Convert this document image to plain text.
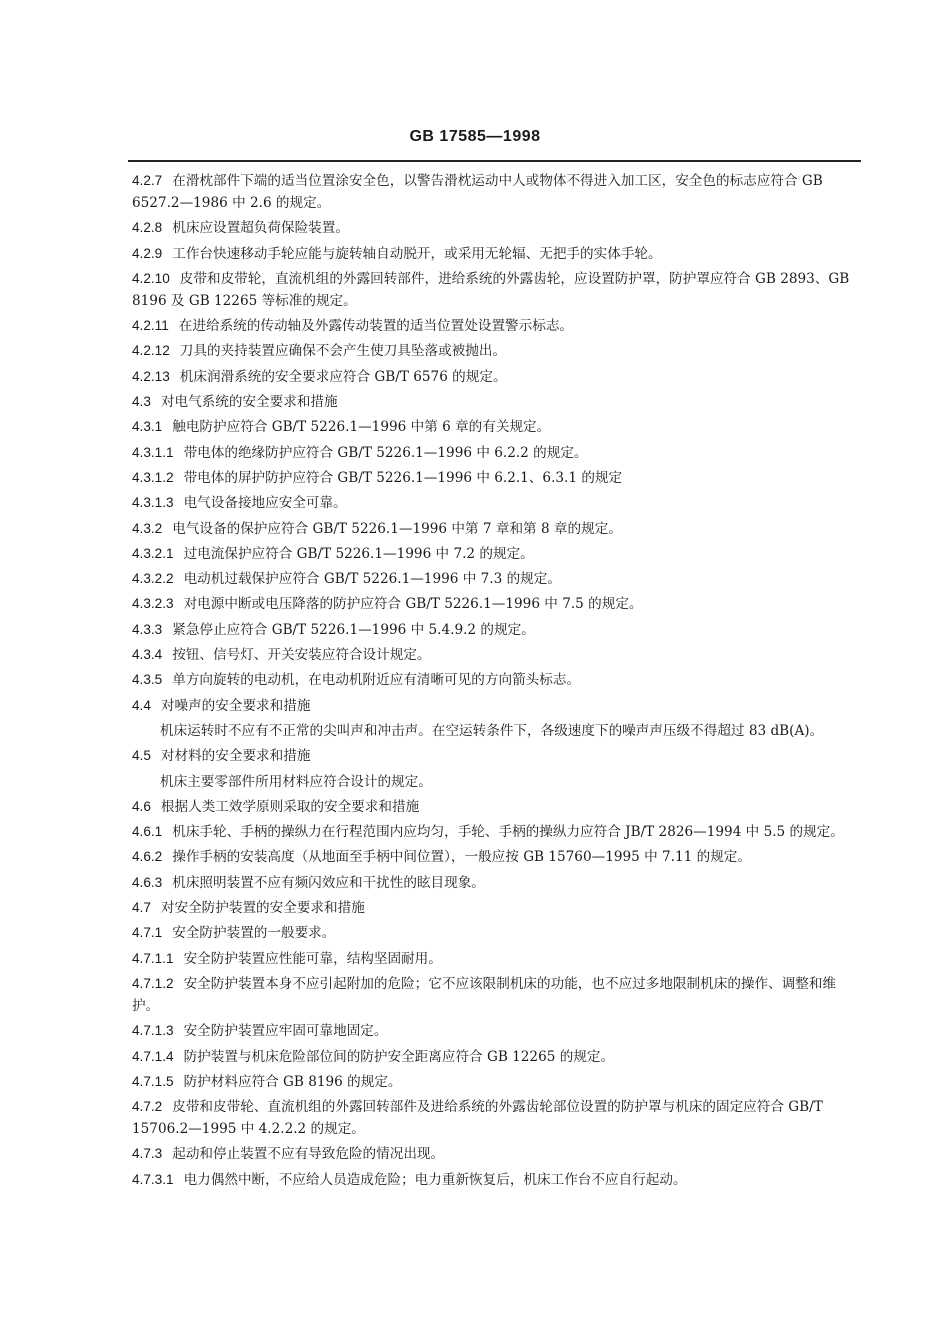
GB 17585—1998
4.2.7 在滑枕部件下端的适当位置涂安全色，以警告滑枕运动中人或物体不得进入加工区，安全色的标志应符合 GB 6527.2—1986 中 2.6 的规定。
4.2.8 机床应设置超负荷保险装置。
4.2.9 工作台快速移动手轮应能与旋转轴自动脱开，或采用无轮辐、无把手的实体手轮。
4.2.10 皮带和皮带轮，直流机组的外露回转部件，进给系统的外露齿轮，应设置防护罩，防护罩应符合 GB 2893、GB 8196 及 GB 12265 等标准的规定。
4.2.11 在进给系统的传动轴及外露传动装置的适当位置处设置警示标志。
4.2.12 刀具的夹持装置应确保不会产生使刀具坠落或被抛出。
4.2.13 机床润滑系统的安全要求应符合 GB/T 6576 的规定。
4.3 对电气系统的安全要求和措施
4.3.1 触电防护应符合 GB/T 5226.1—1996 中第 6 章的有关规定。
4.3.1.1 带电体的绝缘防护应符合 GB/T 5226.1—1996 中 6.2.2 的规定。
4.3.1.2 带电体的屏护防护应符合 GB/T 5226.1—1996 中 6.2.1、6.3.1 的规定
4.3.1.3 电气设备接地应安全可靠。
4.3.2 电气设备的保护应符合 GB/T 5226.1—1996 中第 7 章和第 8 章的规定。
4.3.2.1 过电流保护应符合 GB/T 5226.1—1996 中 7.2 的规定。
4.3.2.2 电动机过载保护应符合 GB/T 5226.1—1996 中 7.3 的规定。
4.3.2.3 对电源中断或电压降落的防护应符合 GB/T 5226.1—1996 中 7.5 的规定。
4.3.3 紧急停止应符合 GB/T 5226.1—1996 中 5.4.9.2 的规定。
4.3.4 按钮、信号灯、开关安装应符合设计规定。
4.3.5 单方向旋转的电动机，在电动机附近应有清晰可见的方向箭头标志。
4.4 对噪声的安全要求和措施
机床运转时不应有不正常的尖叫声和冲击声。在空运转条件下，各级速度下的噪声声压级不得超过 83 dB(A)。
4.5 对材料的安全要求和措施
机床主要零部件所用材料应符合设计的规定。
4.6 根据人类工效学原则采取的安全要求和措施
4.6.1 机床手轮、手柄的操纵力在行程范围内应均匀，手轮、手柄的操纵力应符合 JB/T 2826—1994 中 5.5 的规定。
4.6.2 操作手柄的安装高度（从地面至手柄中间位置），一般应按 GB 15760—1995 中 7.11 的规定。
4.6.3 机床照明装置不应有频闪效应和干扰性的眩目现象。
4.7 对安全防护装置的安全要求和措施
4.7.1 安全防护装置的一般要求。
4.7.1.1 安全防护装置应性能可靠，结构坚固耐用。
4.7.1.2 安全防护装置本身不应引起附加的危险；它不应该限制机床的功能，也不应过多地限制机床的操作、调整和维护。
4.7.1.3 安全防护装置应牢固可靠地固定。
4.7.1.4 防护装置与机床危险部位间的防护安全距离应符合 GB 12265 的规定。
4.7.1.5 防护材料应符合 GB 8196 的规定。
4.7.2 皮带和皮带轮、直流机组的外露回转部件及进给系统的外露齿轮部位设置的防护罩与机床的固定应符合 GB/T 15706.2—1995 中 4.2.2.2 的规定。
4.7.3 起动和停止装置不应有导致危险的情况出现。
4.7.3.1 电力偶然中断，不应给人员造成危险；电力重新恢复后，机床工作台不应自行起动。
